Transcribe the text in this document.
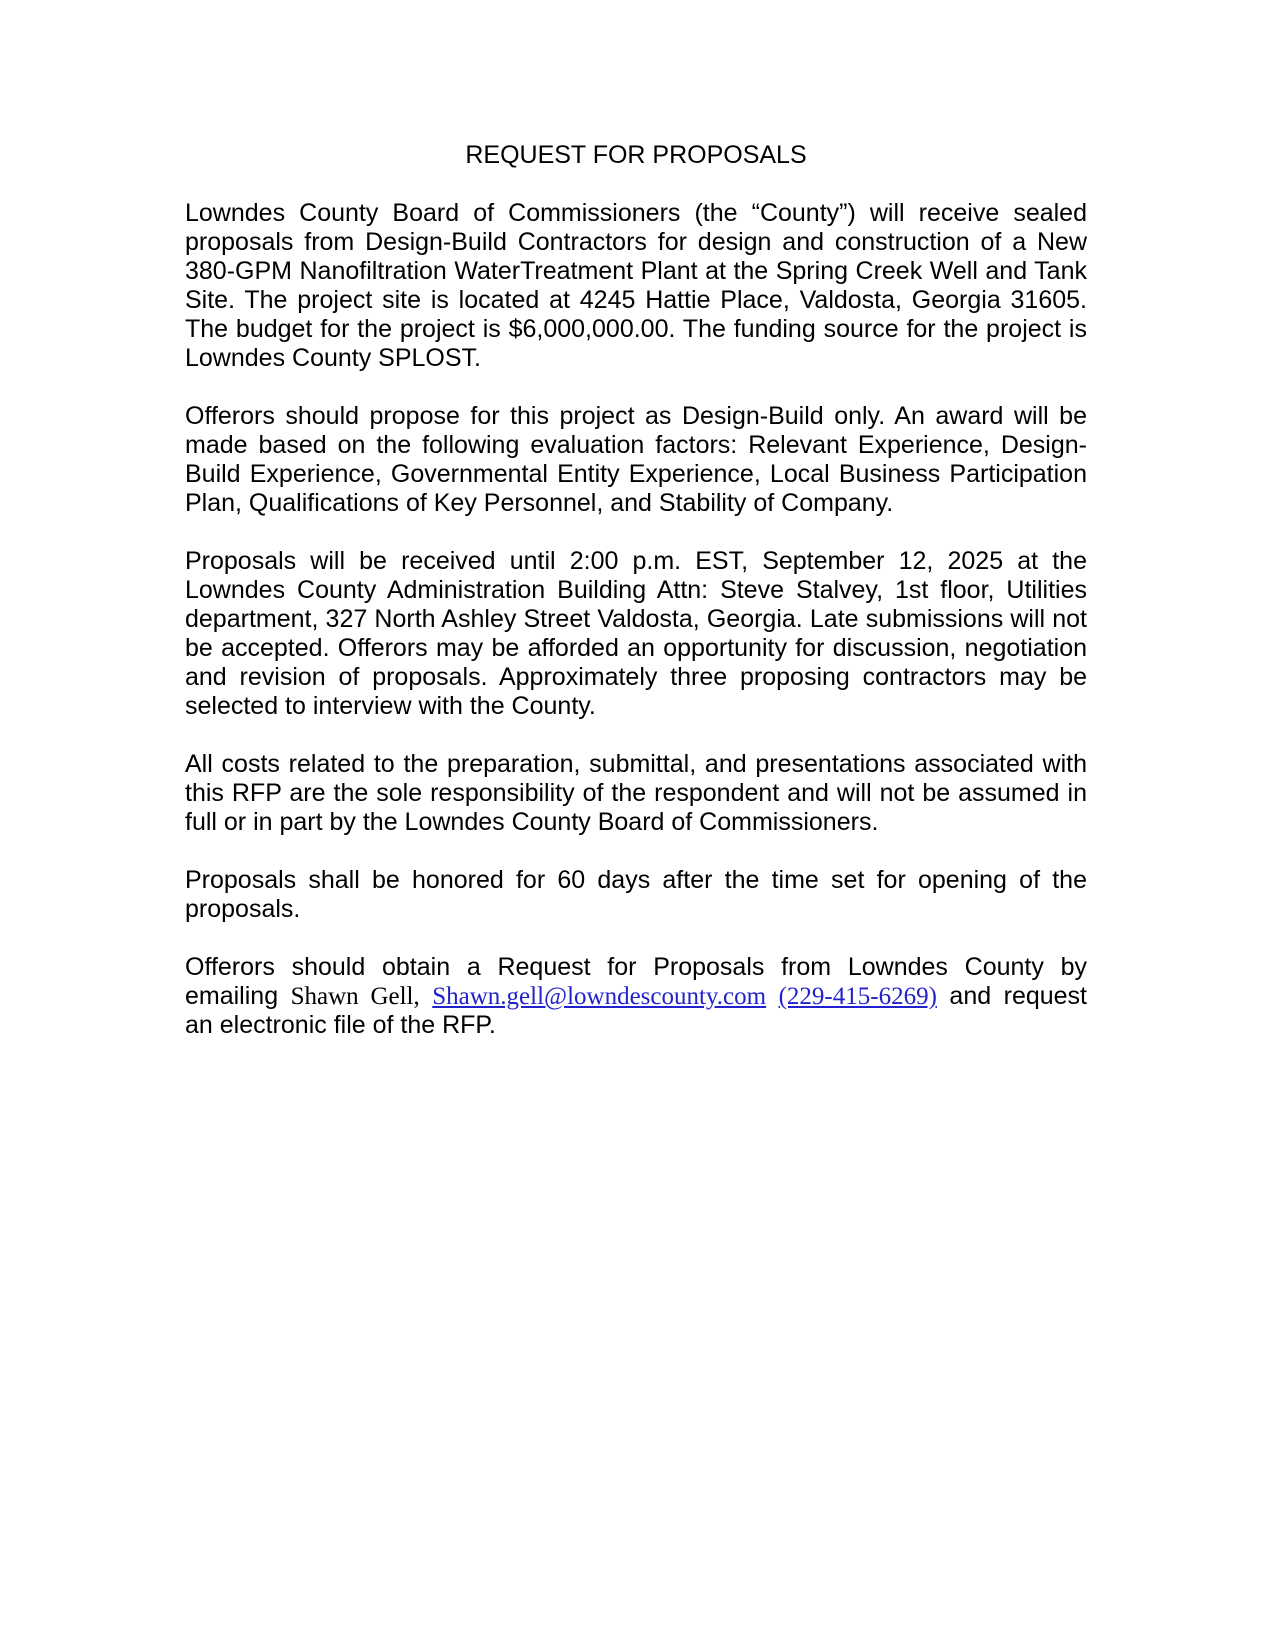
REQUEST FOR PROPOSALS

Lowndes County Board of Commissioners (the “County”) will receive sealed proposals from Design-Build Contractors for design and construction of a New 380-GPM Nanofiltration WaterTreatment Plant at the Spring Creek Well and Tank Site. The project site is located at 4245 Hattie Place, Valdosta, Georgia 31605. The budget for the project is $6,000,000.00. The funding source for the project is Lowndes County SPLOST.

Offerors should propose for this project as Design-Build only. An award will be made based on the following evaluation factors: Relevant Experience, Design-Build Experience, Governmental Entity Experience, Local Business Participation Plan, Qualifications of Key Personnel, and Stability of Company.

Proposals will be received until 2:00 p.m. EST, September 12, 2025 at the Lowndes County Administration Building Attn: Steve Stalvey, 1st floor, Utilities department, 327 North Ashley Street Valdosta, Georgia. Late submissions will not be accepted. Offerors may be afforded an opportunity for discussion, negotiation and revision of proposals. Approximately three proposing contractors may be selected to interview with the County.

All costs related to the preparation, submittal, and presentations associated with this RFP are the sole responsibility of the respondent and will not be assumed in full or in part by the Lowndes County Board of Commissioners.

Proposals shall be honored for 60 days after the time set for opening of the proposals.

Offerors should obtain a Request for Proposals from Lowndes County by emailing Shawn Gell, Shawn.gell@lowndescounty.com (229-415-6269) and request an electronic file of the RFP.
